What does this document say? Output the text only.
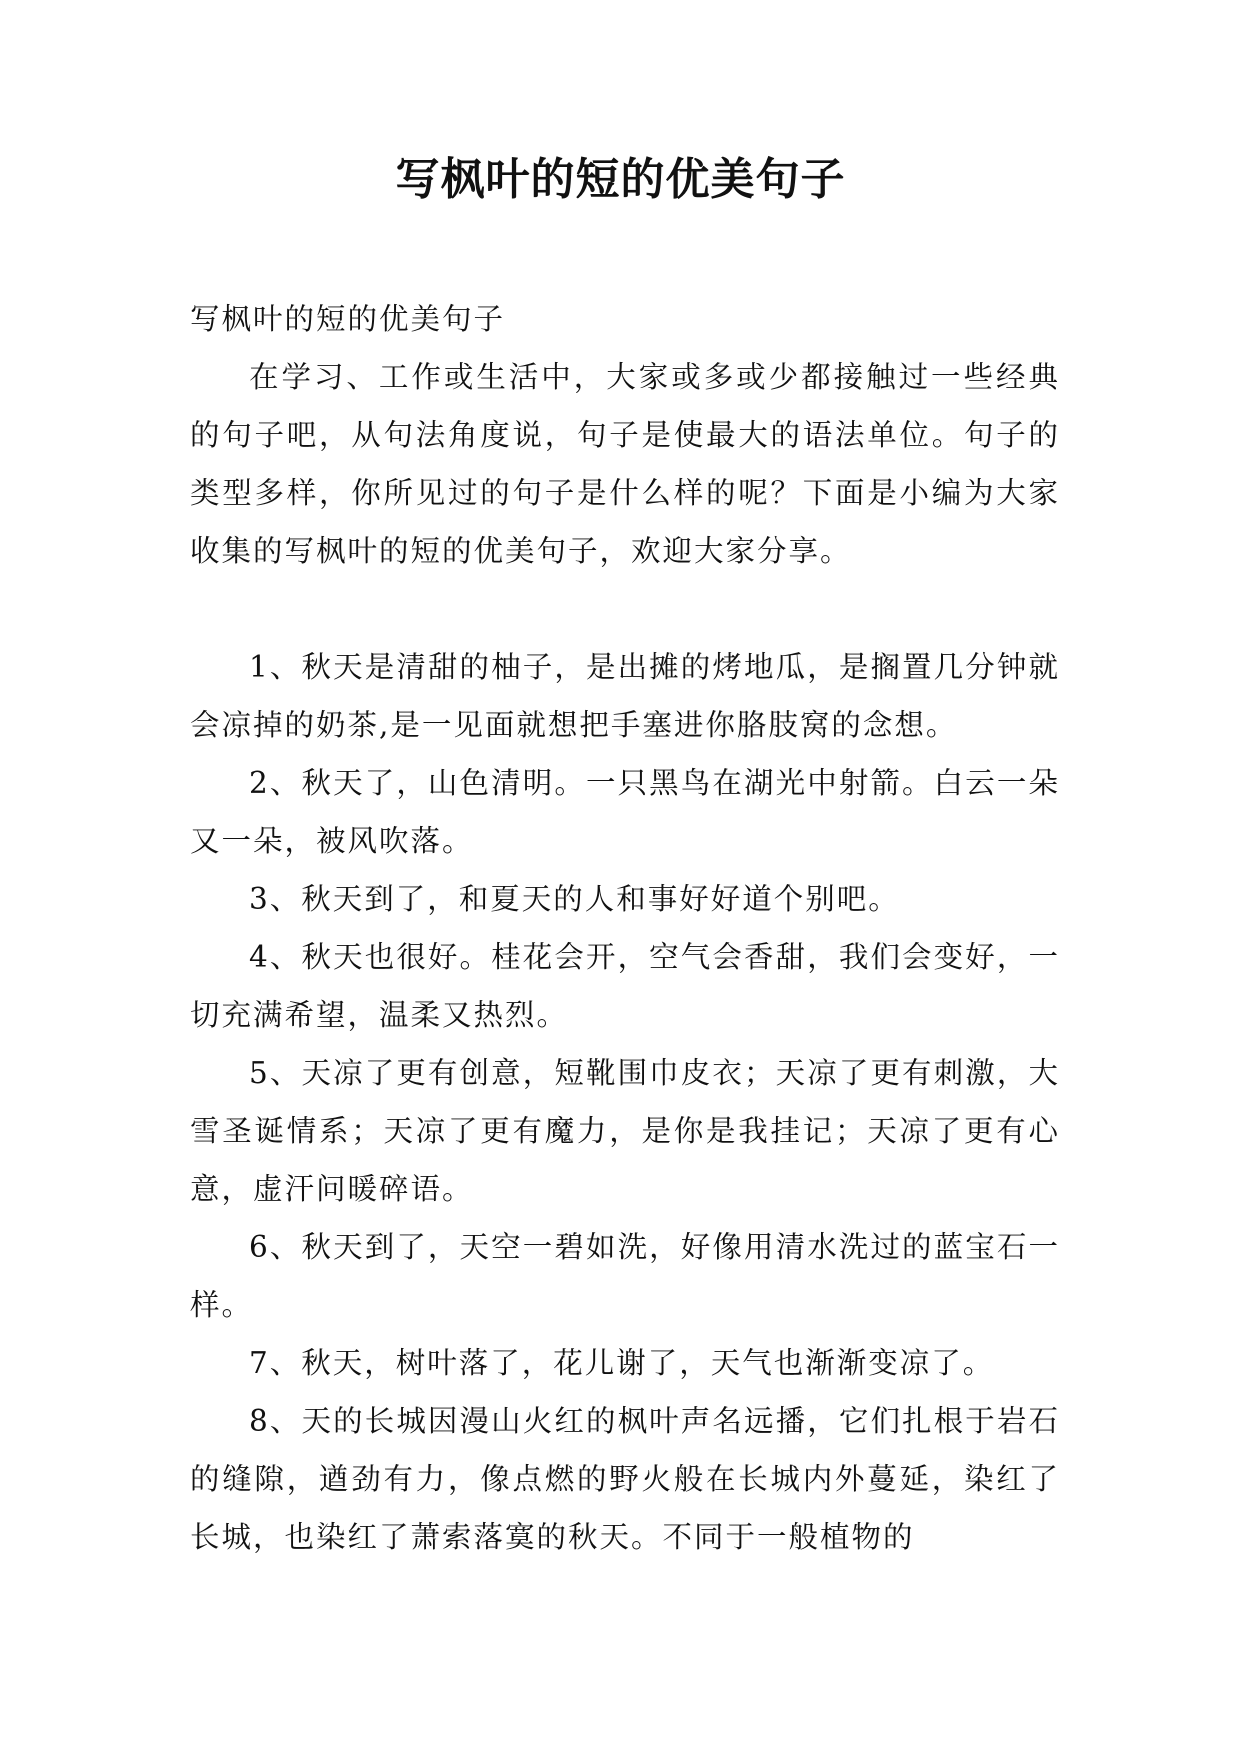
写枫叶的短的优美句子

写枫叶的短的优美句子

在学习、工作或生活中，大家或多或少都接触过一些经典的句子吧，从句法角度说，句子是使最大的语法单位。句子的类型多样，你所见过的句子是什么样的呢？下面是小编为大家收集的写枫叶的短的优美句子，欢迎大家分享。

1、秋天是清甜的柚子，是出摊的烤地瓜，是搁置几分钟就会凉掉的奶茶,是一见面就想把手塞进你胳肢窝的念想。

2、秋天了，山色清明。一只黑鸟在湖光中射箭。白云一朵又一朵，被风吹落。

3、秋天到了，和夏天的人和事好好道个别吧。

4、秋天也很好。桂花会开，空气会香甜，我们会变好，一切充满希望，温柔又热烈。

5、天凉了更有创意，短靴围巾皮衣；天凉了更有刺激，大雪圣诞情系；天凉了更有魔力，是你是我挂记；天凉了更有心意，虚汗问暖碎语。

6、秋天到了，天空一碧如洗，好像用清水洗过的蓝宝石一样。

7、秋天，树叶落了，花儿谢了，天气也渐渐变凉了。

8、天的长城因漫山火红的枫叶声名远播，它们扎根于岩石的缝隙，遒劲有力，像点燃的野火般在长城内外蔓延，染红了长城，也染红了萧索落寞的秋天。不同于一般植物的
